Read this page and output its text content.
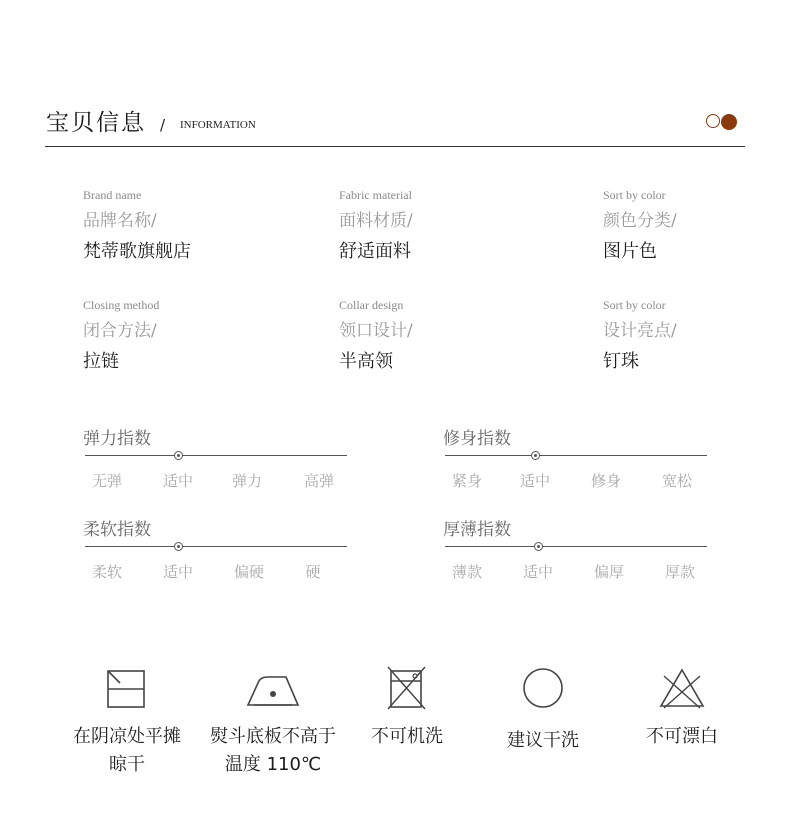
宝贝信息 / INFORMATION
Brand name
品牌名称/
梵蒂歌旗舰店
Fabric material
面料材质/
舒适面料
Sort by color
颜色分类/
图片色
Closing method
闭合方法/
拉链
Collar design
领口设计/
半高领
Sort by color
设计亮点/
钉珠
弹力指数
无弹	适中	弹力	高弹
修身指数
紧身	适中	修身	宽松
柔软指数
柔软	适中	偏硬	硬
厚薄指数
薄款	适中	偏厚	厚款
在阴凉处平摊
晾干
熨斗底板不高于
温度 110℃
不可机洗	建议干洗	不可漂白
